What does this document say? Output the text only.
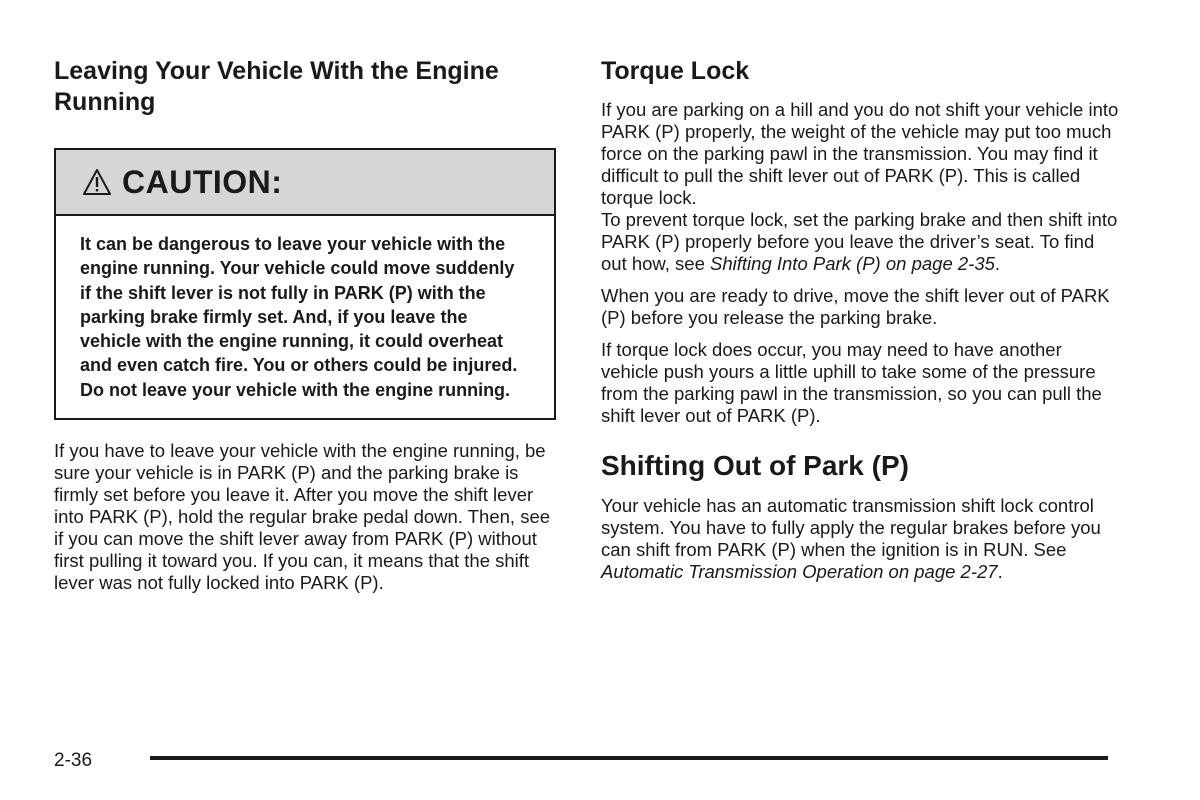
Leaving Your Vehicle With the Engine Running
CAUTION:

It can be dangerous to leave your vehicle with the engine running. Your vehicle could move suddenly if the shift lever is not fully in PARK (P) with the parking brake firmly set. And, if you leave the vehicle with the engine running, it could overheat and even catch fire. You or others could be injured. Do not leave your vehicle with the engine running.

If you have to leave your vehicle with the engine running, be sure your vehicle is in PARK (P) and the parking brake is firmly set before you leave it. After you move the shift lever into PARK (P), hold the regular brake pedal down. Then, see if you can move the shift lever away from PARK (P) without first pulling it toward you. If you can, it means that the shift lever was not fully locked into PARK (P).

Torque Lock

If you are parking on a hill and you do not shift your vehicle into PARK (P) properly, the weight of the vehicle may put too much force on the parking pawl in the transmission. You may find it difficult to pull the shift lever out of PARK (P). This is called torque lock.

To prevent torque lock, set the parking brake and then shift into PARK (P) properly before you leave the driver’s seat. To find out how, see Shifting Into Park (P) on page 2-35.

When you are ready to drive, move the shift lever out of PARK (P) before you release the parking brake.

If torque lock does occur, you may need to have another vehicle push yours a little uphill to take some of the pressure from the parking pawl in the transmission, so you can pull the shift lever out of PARK (P).

Shifting Out of Park (P)

Your vehicle has an automatic transmission shift lock control system. You have to fully apply the regular brakes before you can shift from PARK (P) when the ignition is in RUN. See Automatic Transmission Operation on page 2-27.

2-36
